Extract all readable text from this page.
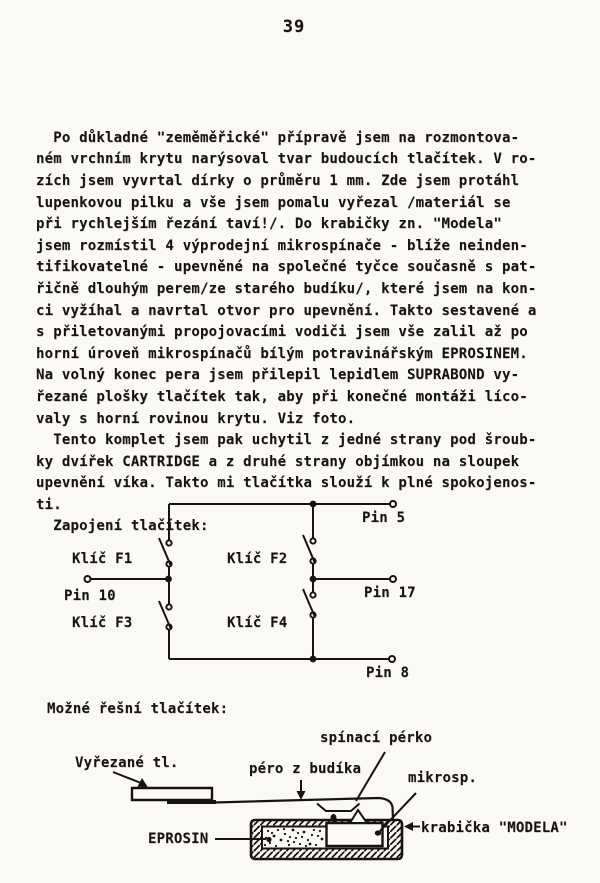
39

Po důkladné "zeměměřické" přípravě jsem na rozmontova-
ném vrchním krytu narýsoval tvar budoucích tlačítek. V ro-
zích jsem vyvrtal dírky o průměru 1 mm. Zde jsem protáhl
lupenkovou pilku a vše jsem pomalu vyřezal /materiál se
při rychlejším řezání taví!/. Do krabičky zn. "Modela"
jsem rozmístil 4 výprodejní mikrospínače - blíže neinden-
tifikovatelné - upevněné na společné tyčce současně s pat-
řičně dlouhým perem/ze starého budíku/, které jsem na kon-
ci vyžíhal a navrtal otvor pro upevnění. Takto sestavené a
s přiletovanými propojovacími vodiči jsem vše zalil až po
horní úroveň mikrospínačů bílým potravinářským EPROSINEM.
Na volný konec pera jsem přilepil lepidlem SUPRABOND vy-
řezané plošky tlačítek tak, aby při konečné montáži líco-
valy s horní rovinou krytu. Viz foto.
Tento komplet jsem pak uchytil z jedné strany pod šroub-
ky dvířek CARTRIDGE a z druhé strany objímkou na sloupek
upevnění víka. Takto mi tlačítka slouží k plné spokojenos-
ti.
Zapojení tlačítek:
Klíč F1	Klíč F2
Pin 10
Klíč F3	Klíč F4
Pin 5
Pin 17
Pin 8
Možné řešní tlačítek:
spínací pérko
Vyřezané tl.	péro z budíka
mikrosp.
krabička "MODELA"
EPROSIN
